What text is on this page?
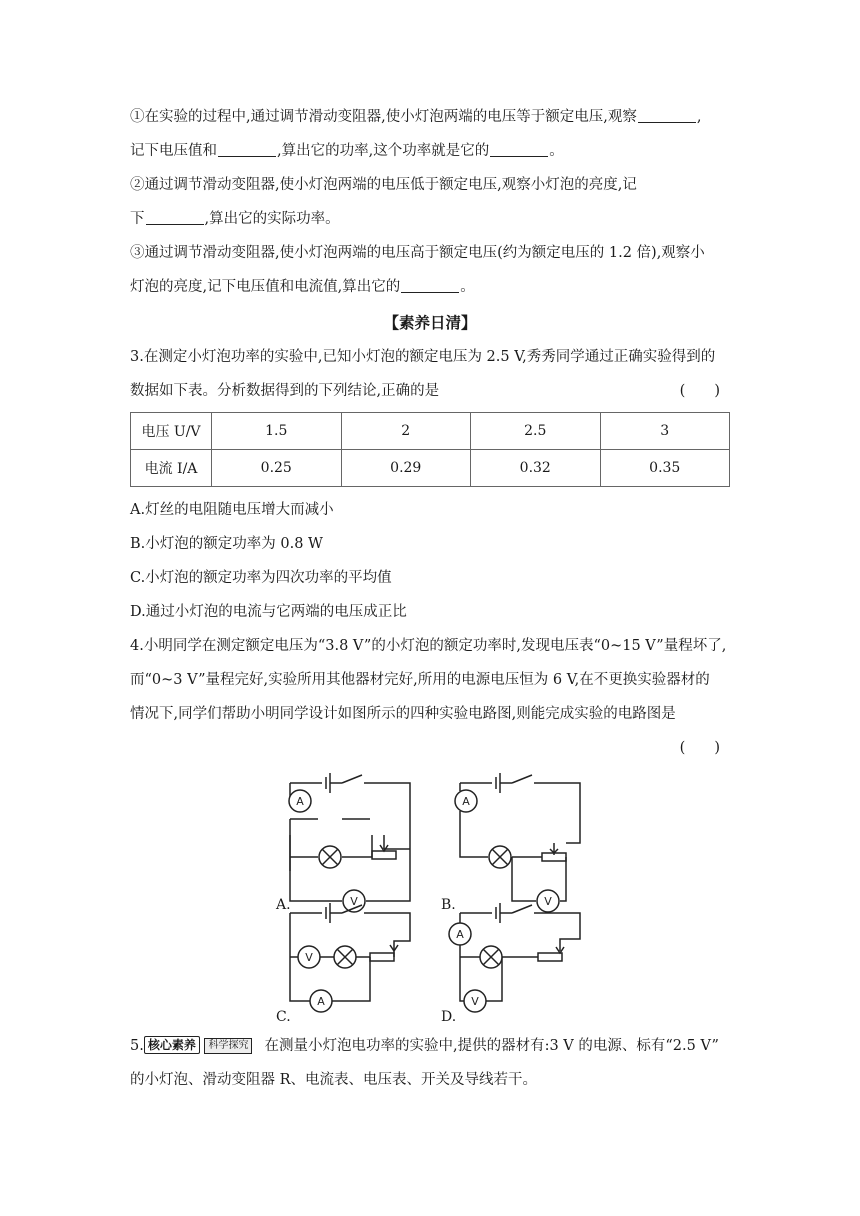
①在实验的过程中,通过调节滑动变阻器,使小灯泡两端的电压等于额定电压,观察	,
记下电压值和	,算出它的功率,这个功率就是它的	。
②通过调节滑动变阻器,使小灯泡两端的电压低于额定电压,观察小灯泡的亮度,记
下	,算出它的实际功率。
③通过调节滑动变阻器,使小灯泡两端的电压高于额定电压(约为额定电压的 1.2 倍),观察小
灯泡的亮度,记下电压值和电流值,算出它的	。
【素养日清】
3.在测定小灯泡功率的实验中,已知小灯泡的额定电压为 2.5 V,秀秀同学通过正确实验得到的
数据如下表。分析数据得到的下列结论,正确的是	(　　)
电压 U/V	1.5	2	2.5	3
电流 I/A	0.25	0.29	0.32	0.35
A.灯丝的电阻随电压增大而减小
B.小灯泡的额定功率为 0.8 W
C.小灯泡的额定功率为四次功率的平均值
D.通过小灯泡的电流与它两端的电压成正比
4.小明同学在测定额定电压为“3.8 V”的小灯泡的额定功率时,发现电压表“0~15 V”量程坏了,
而“0~3 V”量程完好,实验所用其他器材完好,所用的电源电压恒为 6 V,在不更换实验器材的
情况下,同学们帮助小明同学设计如图所示的四种实验电路图,则能完成实验的电路图是
(　　)
A
V
A
V
V
A
A
V
A.	B.
C.	D.
5. 核心素养 科学探究 在测量小灯泡电功率的实验中,提供的器材有:3 V 的电源、标有“2.5 V”
的小灯泡、滑动变阻器 R、电流表、电压表、开关及导线若干。
